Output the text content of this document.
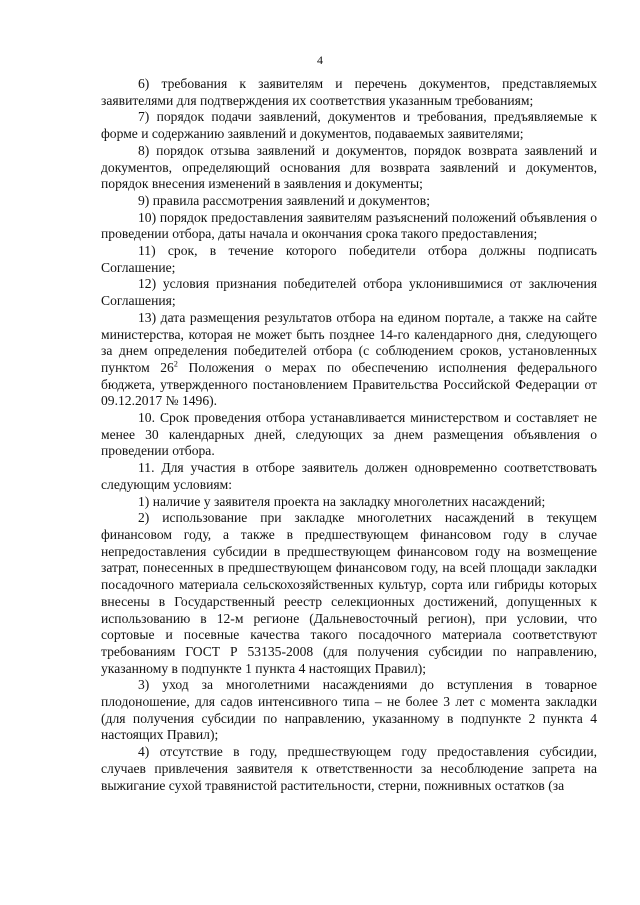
4

6) требования к заявителям и перечень документов, представляемых заявителями для подтверждения их соответствия указанным требованиям;

7) порядок подачи заявлений, документов и требования, предъявляемые к форме и содержанию заявлений и документов, подаваемых заявителями;

8) порядок отзыва заявлений и документов, порядок возврата заявлений и документов, определяющий основания для возврата заявлений и документов, порядок внесения изменений в заявления и документы;

9) правила рассмотрения заявлений и документов;

10) порядок предоставления заявителям разъяснений положений объявления о проведении отбора, даты начала и окончания срока такого предоставления;

11) срок, в течение которого победители отбора должны подписать Соглашение;

12) условия признания победителей отбора уклонившимися от заключения Соглашения;

13) дата размещения результатов отбора на едином портале, а также на сайте министерства, которая не может быть позднее 14-го календарного дня, следующего за днем определения победителей отбора (с соблюдением сроков, установленных пунктом $26^2$ Положения о мерах по обеспечению исполнения федерального бюджета, утвержденного постановлением Правительства Российской Федерации от 09.12.2017 № 1496).

10. Срок проведения отбора устанавливается министерством и составляет не менее 30 календарных дней, следующих за днем размещения объявления о проведении отбора.

11. Для участия в отборе заявитель должен одновременно соответствовать следующим условиям:

1) наличие у заявителя проекта на закладку многолетних насаждений;

2) использование при закладке многолетних насаждений в текущем финансовом году, а также в предшествующем финансовом году в случае непредоставления субсидии в предшествующем финансовом году на возмещение затрат, понесенных в предшествующем финансовом году, на всей площади закладки посадочного материала сельскохозяйственных культур, сорта или гибриды которых внесены в Государственный реестр селекционных достижений, допущенных к использованию в 12-м регионе (Дальневосточный регион), при условии, что сортовые и посевные качества такого посадочного материала соответствуют требованиям ГОСТ Р 53135-2008 (для получения субсидии по направлению, указанному в подпункте 1 пункта 4 настоящих Правил);

3) уход за многолетними насаждениями до вступления в товарное плодоношение, для садов интенсивного типа – не более 3 лет с момента закладки (для получения субсидии по направлению, указанному в подпункте 2 пункта 4 настоящих Правил);

4) отсутствие в году, предшествующем году предоставления субсидии, случаев привлечения заявителя к ответственности за несоблюдение запрета на выжигание сухой травянистой растительности, стерни, пожнивных остатков (за
